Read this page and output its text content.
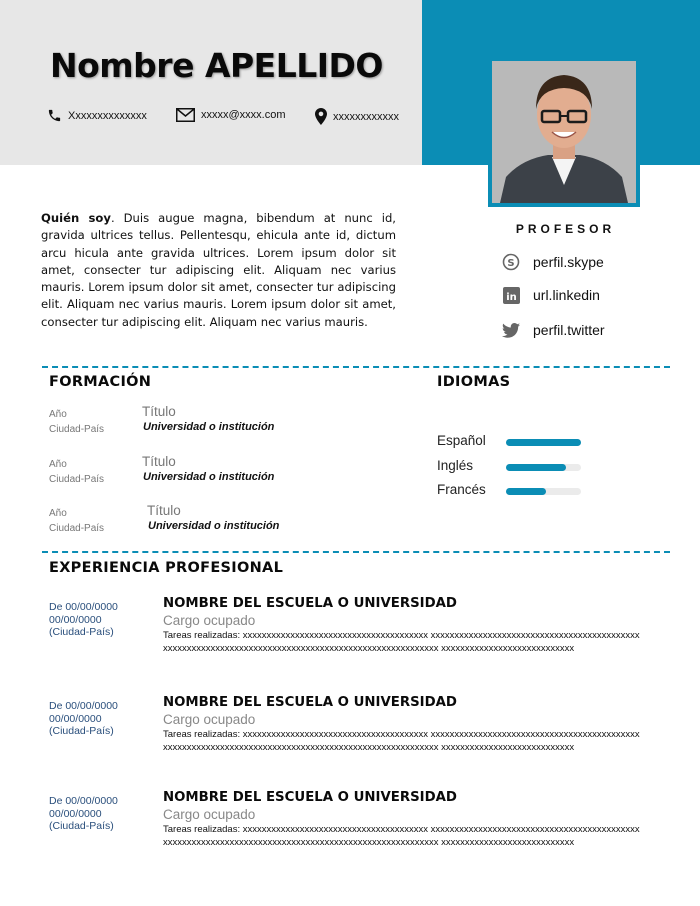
Nombre APELLIDO
Xxxxxxxxxxxxxx	xxxxx@xxxx.com	xxxxxxxxxxxx
Quién soy. Duis augue magna, bibendum at nunc id, gravida ultrices tellus. Pellentesqu, ehicula ante id, dictum arcu hicula ante gravida ultrices. Lorem ipsum dolor sit amet, consecter tur adipiscing elit. Aliquam nec varius mauris. Lorem ipsum dolor sit amet, consecter tur adipiscing elit. Aliquam nec varius mauris. Lorem ipsum dolor sit amet, consecter tur adipiscing elit. Aliquam nec varius mauris.
PROFESOR
S perfil.skype
in url.linkedin
perfil.twitter
FORMACIÓN
Año
Ciudad-País
Título
Universidad o institución
Año
Ciudad-País
Título
Universidad o institución
Año
Ciudad-País
Título
Universidad o institución
IDIOMAS
Español
Inglés
Francés
EXPERIENCIA PROFESIONAL
De 00/00/0000
00/00/0000
(Ciudad-País)
NOMBRE DEL ESCUELA O UNIVERSIDAD
Cargo ocupado
Tareas realizadas: xxxxxxxxxxxxxxxxxxxxxxxxxxxxxxxxxxxxxxx xxxxxxxxxxxxxxxxxxxxxxxxxxxxxxxxxxxxxxxxxxxxxxxxxxxxxxxxxxxxxxxxxxxxxxxxxxxxxxxxxxxxxxxxxxxxxxxxxxxxxx xxxxxxxxxxxxxxxxxxxxxxxxxxxx
De 00/00/0000
00/00/0000
(Ciudad-País)
NOMBRE DEL ESCUELA O UNIVERSIDAD
Cargo ocupado
Tareas realizadas: xxxxxxxxxxxxxxxxxxxxxxxxxxxxxxxxxxxxxxx xxxxxxxxxxxxxxxxxxxxxxxxxxxxxxxxxxxxxxxxxxxxxxxxxxxxxxxxxxxxxxxxxxxxxxxxxxxxxxxxxxxxxxxxxxxxxxxxxxxxxx xxxxxxxxxxxxxxxxxxxxxxxxxxxx
De 00/00/0000
00/00/0000
(Ciudad-País)
NOMBRE DEL ESCUELA O UNIVERSIDAD
Cargo ocupado
Tareas realizadas: xxxxxxxxxxxxxxxxxxxxxxxxxxxxxxxxxxxxxxx xxxxxxxxxxxxxxxxxxxxxxxxxxxxxxxxxxxxxxxxxxxxxxxxxxxxxxxxxxxxxxxxxxxxxxxxxxxxxxxxxxxxxxxxxxxxxxxxxxxxxx xxxxxxxxxxxxxxxxxxxxxxxxxxxx
